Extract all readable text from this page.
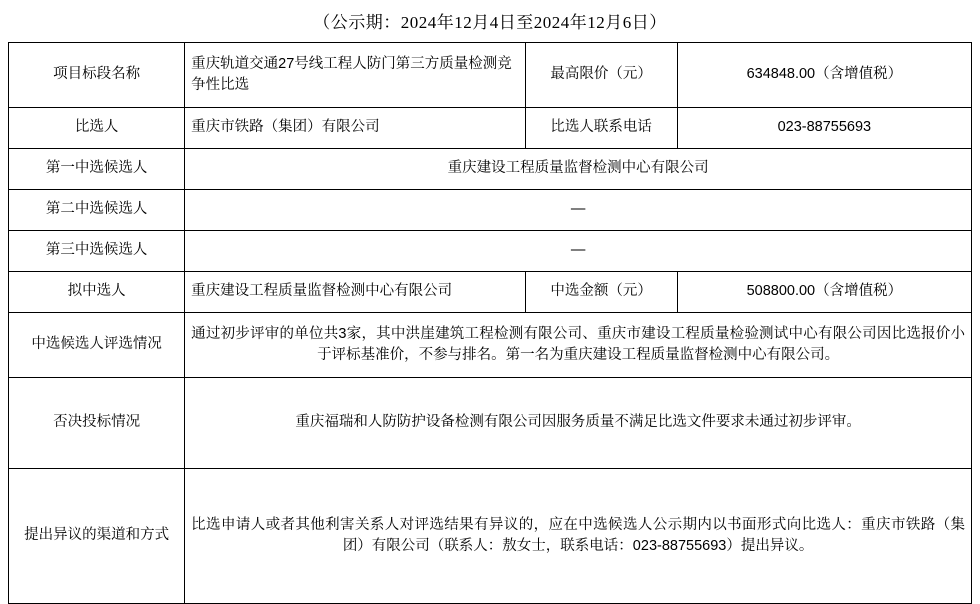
（公示期：2024年12月4日至2024年12月6日）
项目标段名称	重庆轨道交通27号线工程人防门第三方质量检测竞争性比选	最高限价（元）	634848.00（含增值税）
比选人	重庆市铁路（集团）有限公司	比选人联系电话	023-88755693
第一中选候选人	重庆建设工程质量监督检测中心有限公司		
第二中选候选人	—		
第三中选候选人	—		
拟中选人	重庆建设工程质量监督检测中心有限公司	中选金额（元）	508800.00（含增值税）
中选候选人评选情况	通过初步评审的单位共3家，其中洪崖建筑工程检测有限公司、重庆市建设工程质量检验测试中心有限公司因比选报价小于评标基准价，不参与排名。第一名为重庆建设工程质量监督检测中心有限公司。		
否决投标情况	重庆福瑞和人防防护设备检测有限公司因服务质量不满足比选文件要求未通过初步评审。		
提出异议的渠道和方式	比选申请人或者其他利害关系人对评选结果有异议的，应在中选候选人公示期内以书面形式向比选人：重庆市铁路（集团）有限公司（联系人：敖女士，联系电话：023-88755693）提出异议。		
